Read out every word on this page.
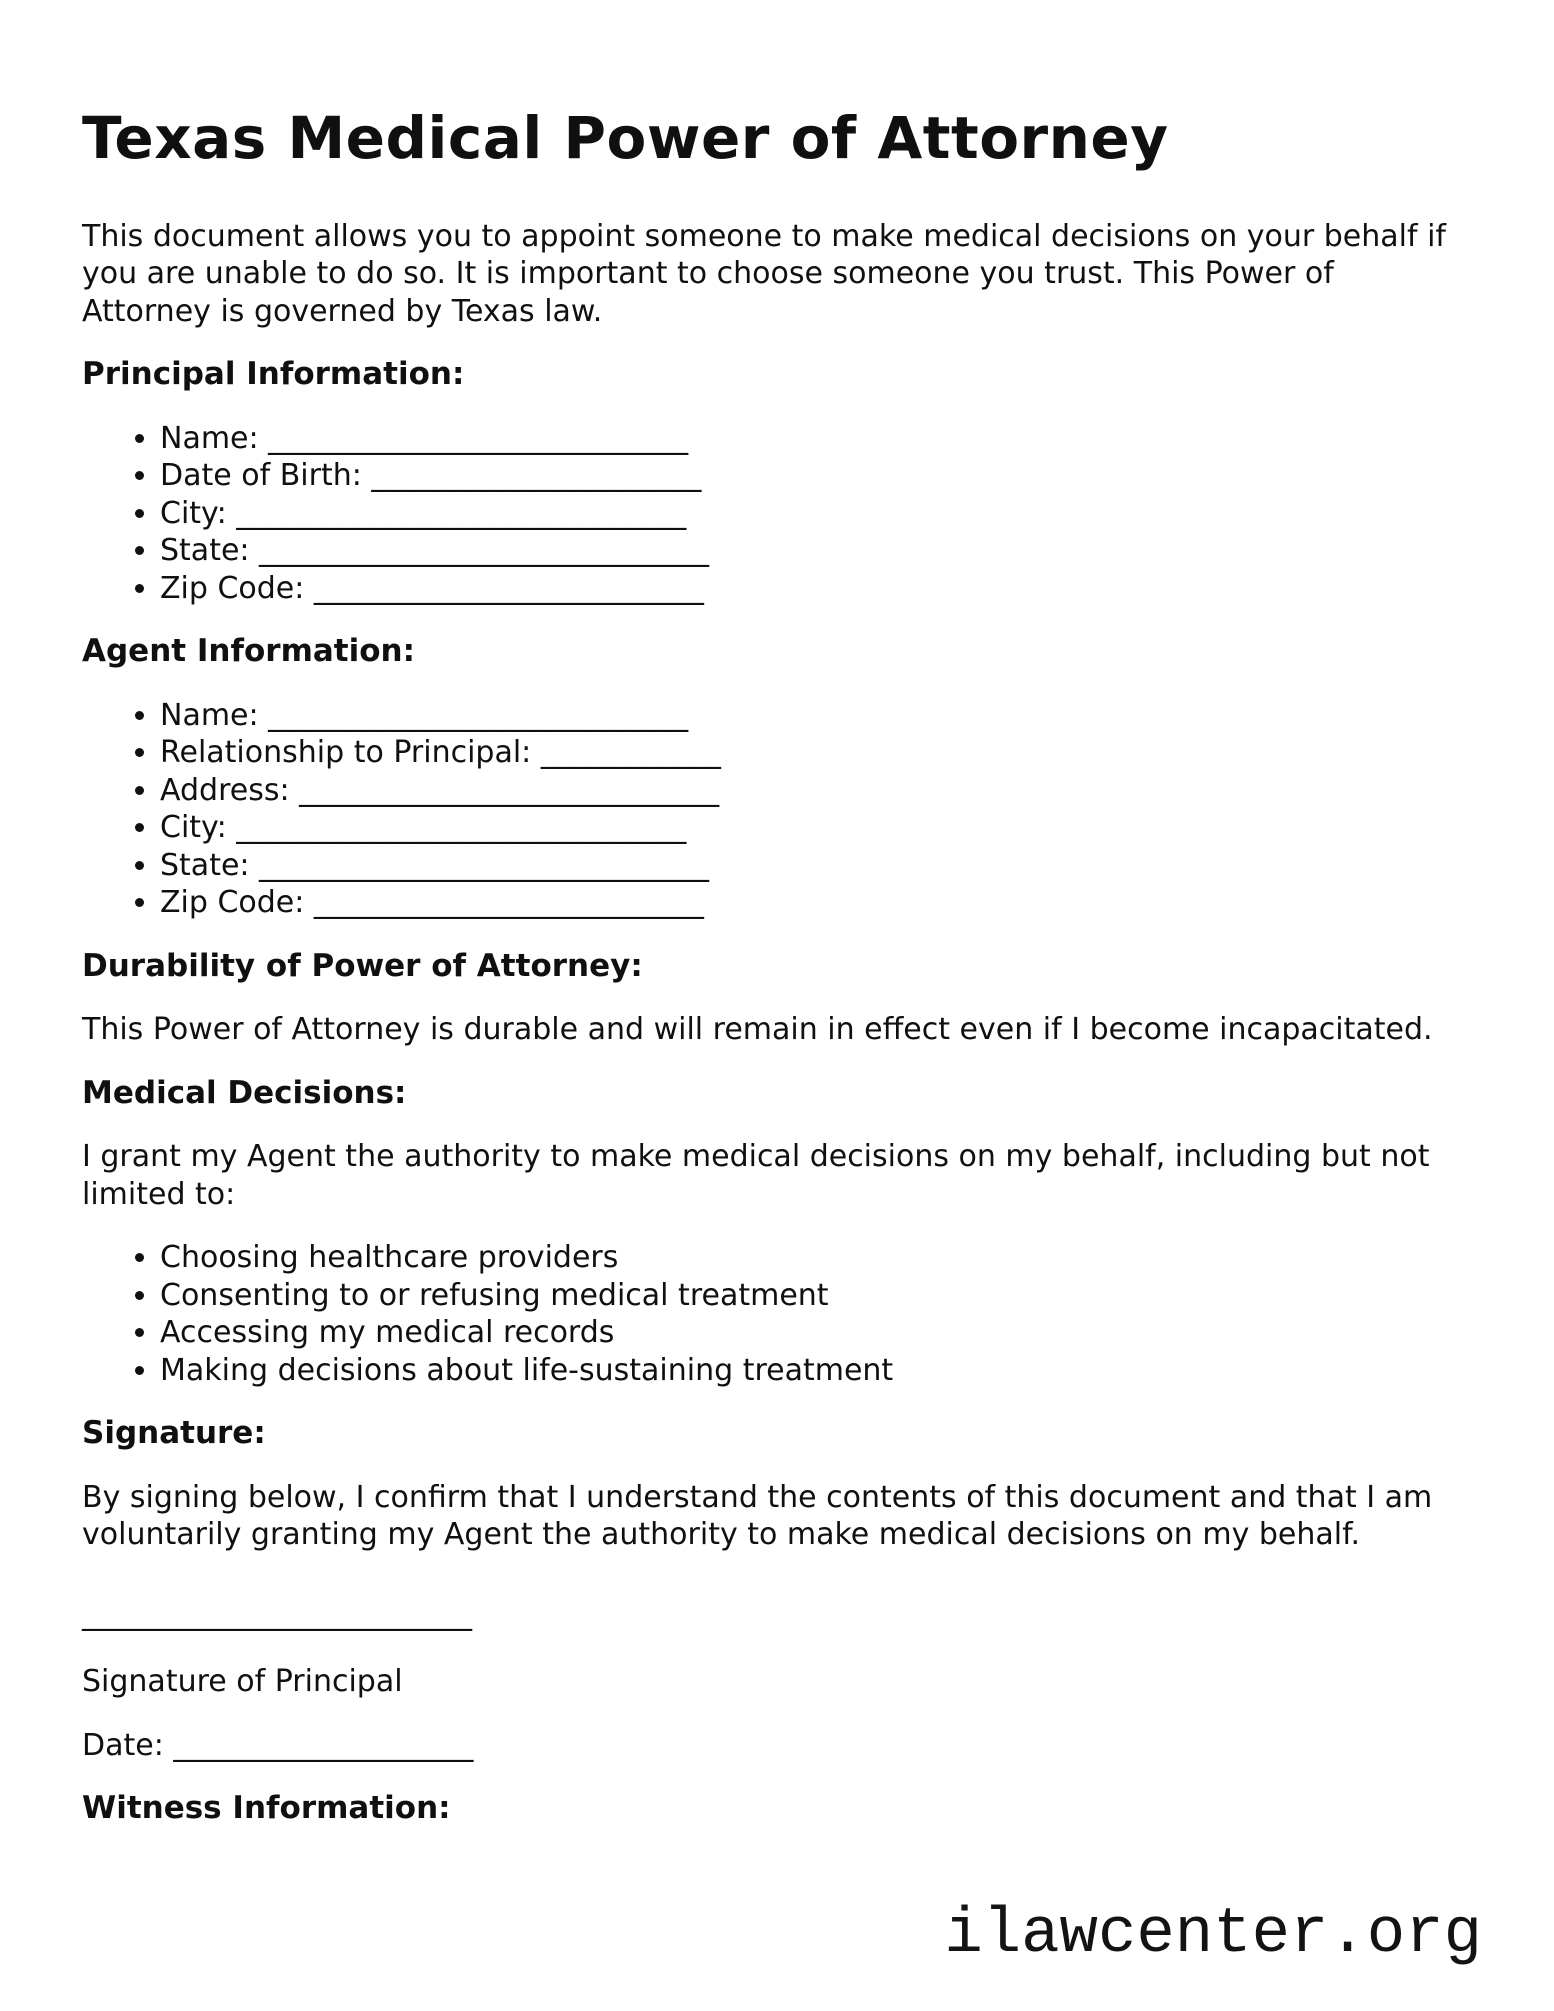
Texas Medical Power of Attorney

This document allows you to appoint someone to make medical decisions on your behalf if you are unable to do so. It is important to choose someone you trust. This Power of Attorney is governed by Texas law.

Principal Information:
• Name: ____________________________
• Date of Birth: ______________________
• City: ______________________________
• State: ______________________________
• Zip Code: __________________________
Agent Information:
• Name: ____________________________
• Relationship to Principal: ____________
• Address: ____________________________
• City: ______________________________
• State: ______________________________
• Zip Code: __________________________
Durability of Power of Attorney:

This Power of Attorney is durable and will remain in effect even if I become incapacitated.

Medical Decisions:

I grant my Agent the authority to make medical decisions on my behalf, including but not limited to:

• Choosing healthcare providers
• Consenting to or refusing medical treatment
• Accessing my medical records
• Making decisions about life-sustaining treatment
Signature:

By signing below, I confirm that I understand the contents of this document and that I am voluntarily granting my Agent the authority to make medical decisions on my behalf.

__________________________

Signature of Principal

Date: ____________________

Witness Information:
ilawcenter.org
